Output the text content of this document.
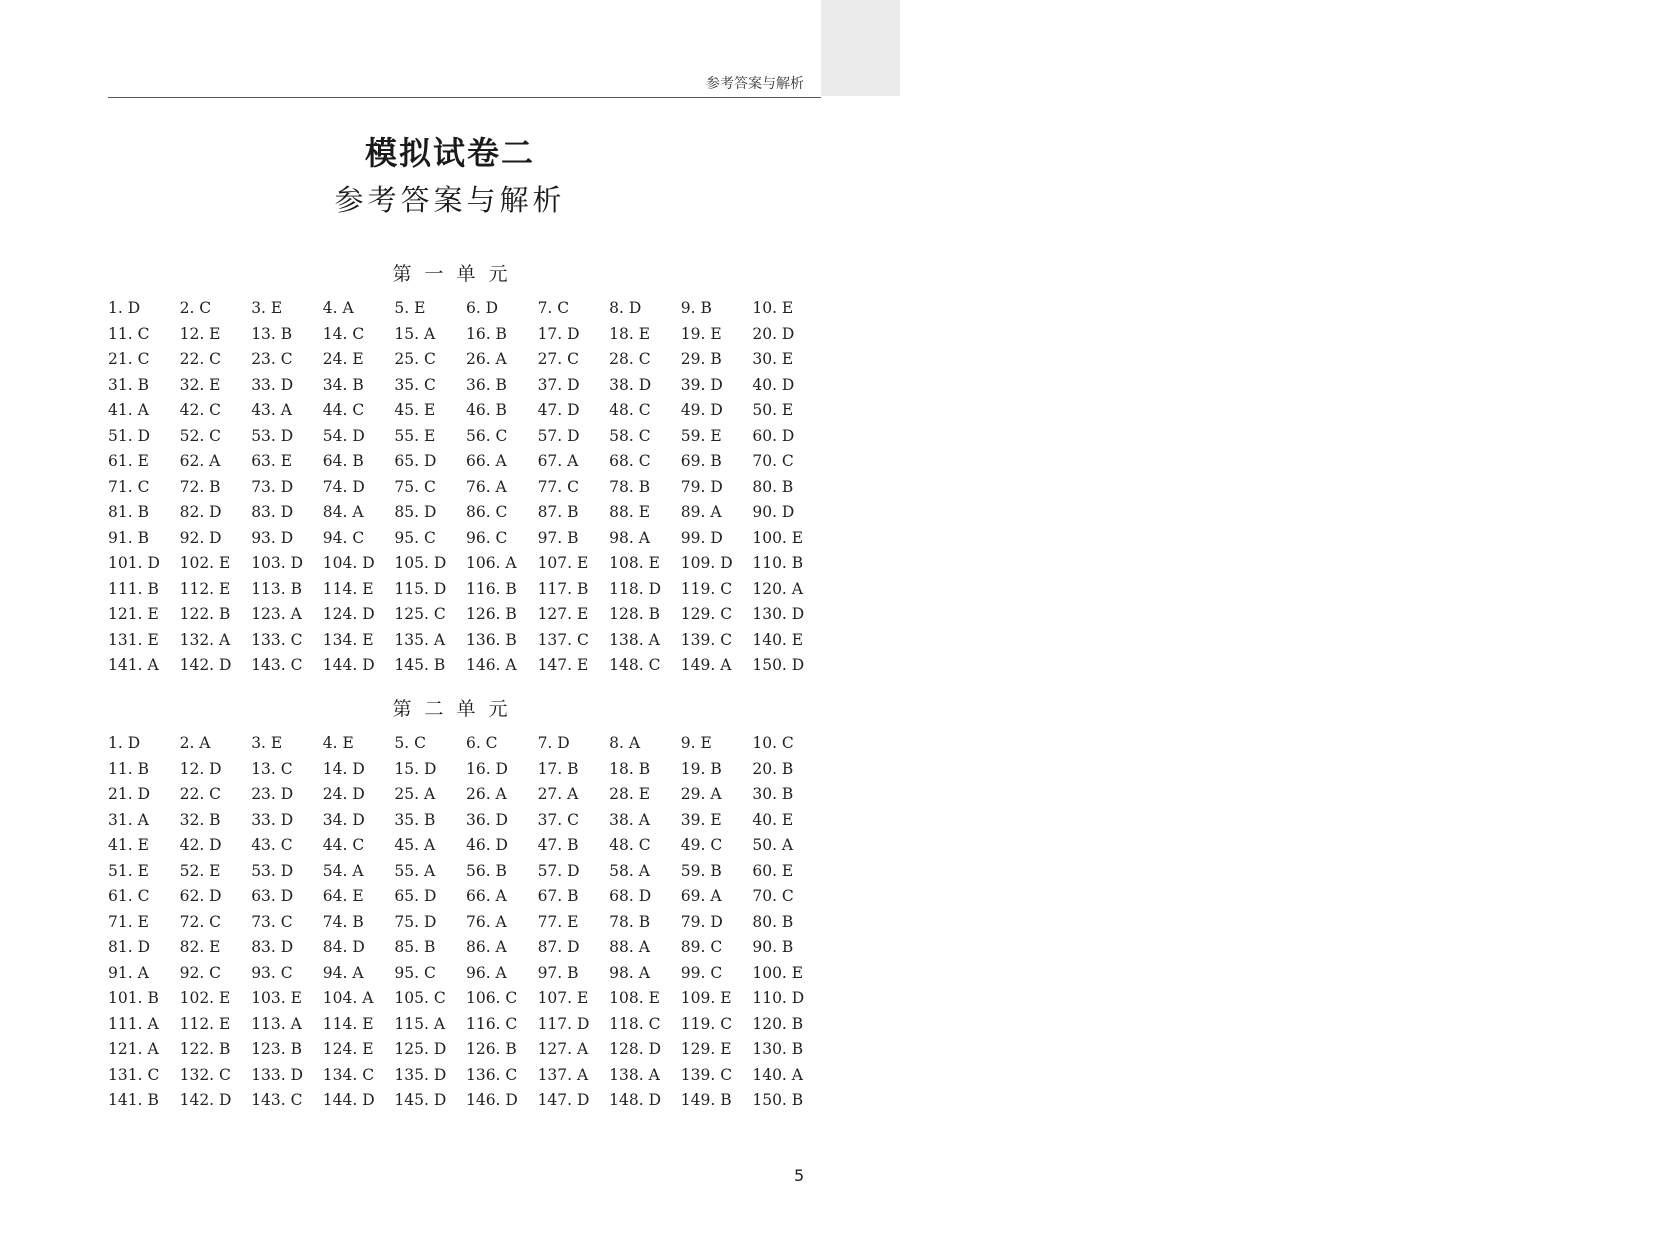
2026
参考答案与解析
模拟试卷二
参考答案与解析
第一单元
1. D	2. C	3. E	4. A	5. E	6. D	7. C	8. D	9. B	10. E
11. C	12. E	13. B	14. C	15. A	16. B	17. D	18. E	19. E	20. D
21. C	22. C	23. C	24. E	25. C	26. A	27. C	28. C	29. B	30. E
31. B	32. E	33. D	34. B	35. C	36. B	37. D	38. D	39. D	40. D
41. A	42. C	43. A	44. C	45. E	46. B	47. D	48. C	49. D	50. E
51. D	52. C	53. D	54. D	55. E	56. C	57. D	58. C	59. E	60. D
61. E	62. A	63. E	64. B	65. D	66. A	67. A	68. C	69. B	70. C
71. C	72. B	73. D	74. D	75. C	76. A	77. C	78. B	79. D	80. B
81. B	82. D	83. D	84. A	85. D	86. C	87. B	88. E	89. A	90. D
91. B	92. D	93. D	94. C	95. C	96. C	97. B	98. A	99. D	100. E
101. D	102. E	103. D	104. D	105. D	106. A	107. E	108. E	109. D	110. B
111. B	112. E	113. B	114. E	115. D	116. B	117. B	118. D	119. C	120. A
121. E	122. B	123. A	124. D	125. C	126. B	127. E	128. B	129. C	130. D
131. E	132. A	133. C	134. E	135. A	136. B	137. C	138. A	139. C	140. E
141. A	142. D	143. C	144. D	145. B	146. A	147. E	148. C	149. A	150. D
第二单元
1. D	2. A	3. E	4. E	5. C	6. C	7. D	8. A	9. E	10. C
11. B	12. D	13. C	14. D	15. D	16. D	17. B	18. B	19. B	20. B
21. D	22. C	23. D	24. D	25. A	26. A	27. A	28. E	29. A	30. B
31. A	32. B	33. D	34. D	35. B	36. D	37. C	38. A	39. E	40. E
41. E	42. D	43. C	44. C	45. A	46. D	47. B	48. C	49. C	50. A
51. E	52. E	53. D	54. A	55. A	56. B	57. D	58. A	59. B	60. E
61. C	62. D	63. D	64. E	65. D	66. A	67. B	68. D	69. A	70. C
71. E	72. C	73. C	74. B	75. D	76. A	77. E	78. B	79. D	80. B
81. D	82. E	83. D	84. D	85. B	86. A	87. D	88. A	89. C	90. B
91. A	92. C	93. C	94. A	95. C	96. A	97. B	98. A	99. C	100. E
101. B	102. E	103. E	104. A	105. C	106. C	107. E	108. E	109. E	110. D
111. A	112. E	113. A	114. E	115. A	116. C	117. D	118. C	119. C	120. B
121. A	122. B	123. B	124. E	125. D	126. B	127. A	128. D	129. E	130. B
131. C	132. C	133. D	134. C	135. D	136. C	137. A	138. A	139. C	140. A
141. B	142. D	143. C	144. D	145. D	146. D	147. D	148. D	149. B	150. B
5
